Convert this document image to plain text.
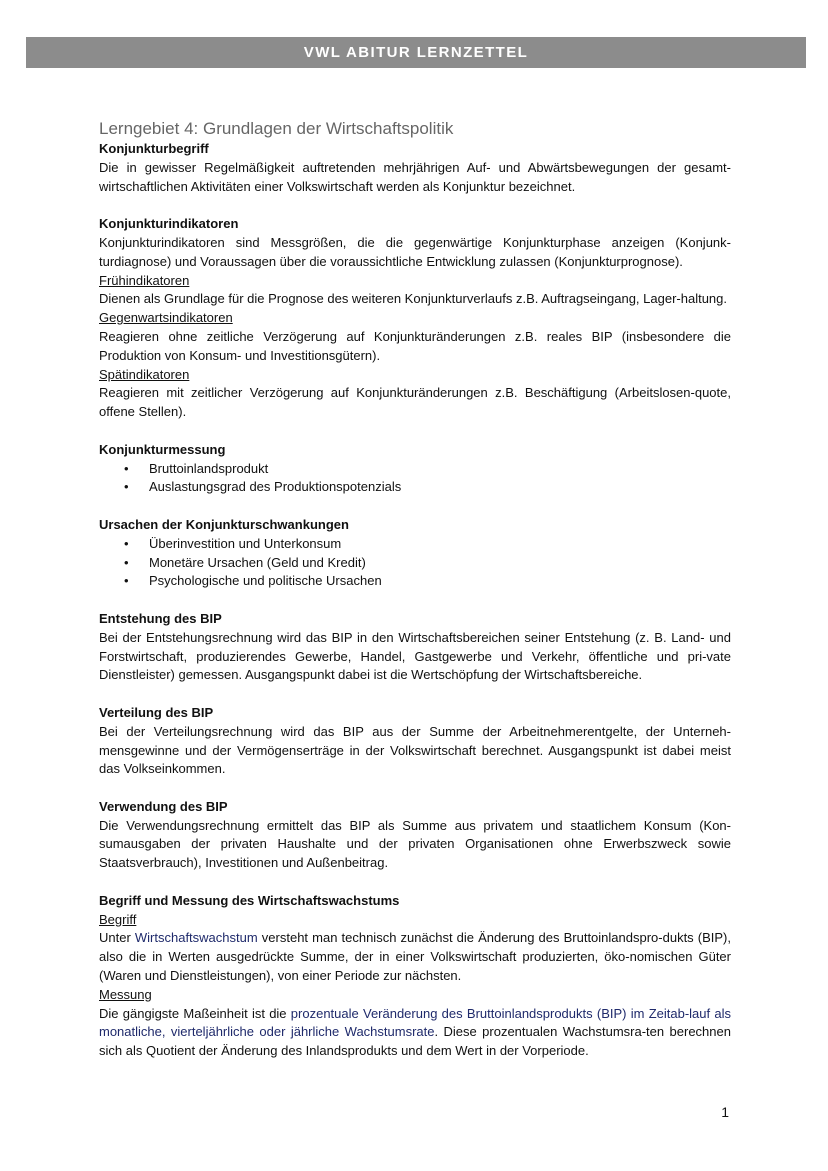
VWL ABITUR LERNZETTEL
Lerngebiet 4: Grundlagen der Wirtschaftspolitik
Konjunkturbegriff

Die in gewisser Regelmäßigkeit auftretenden mehrjährigen Auf- und Abwärtsbewegungen der gesamt-wirtschaftlichen Aktivitäten einer Volkswirtschaft werden als Konjunktur bezeichnet.

Konjunkturindikatoren

Konjunkturindikatoren sind Messgrößen, die die gegenwärtige Konjunkturphase anzeigen (Konjunk-turdiagnose) und Voraussagen über die voraussichtliche Entwicklung zulassen (Konjunkturprognose).

Frühindikatoren

Dienen als Grundlage für die Prognose des weiteren Konjunkturverlaufs z.B. Auftragseingang, Lager-haltung.

Gegenwartsindikatoren

Reagieren ohne zeitliche Verzögerung auf Konjunkturänderungen z.B. reales BIP (insbesondere die Produktion von Konsum- und Investitionsgütern).

Spätindikatoren

Reagieren mit zeitlicher Verzögerung auf Konjunkturänderungen z.B. Beschäftigung (Arbeitslosen-quote, offene Stellen).

Konjunkturmessung
• Bruttoinlandsprodukt
• Auslastungsgrad des Produktionspotenzials
Ursachen der Konjunkturschwankungen
• Überinvestition und Unterkonsum
• Monetäre Ursachen (Geld und Kredit)
• Psychologische und politische Ursachen
Entstehung des BIP

Bei der Entstehungsrechnung wird das BIP in den Wirtschaftsbereichen seiner Entstehung (z. B. Land- und Forstwirtschaft, produzierendes Gewerbe, Handel, Gastgewerbe und Verkehr, öffentliche und pri-vate Dienstleister) gemessen. Ausgangspunkt dabei ist die Wertschöpfung der Wirtschaftsbereiche.

Verteilung des BIP

Bei der Verteilungsrechnung wird das BIP aus der Summe der Arbeitnehmerentgelte, der Unterneh-mensgewinne und der Vermögenserträge in der Volkswirtschaft berechnet. Ausgangspunkt ist dabei meist das Volkseinkommen.

Verwendung des BIP

Die Verwendungsrechnung ermittelt das BIP als Summe aus privatem und staatlichem Konsum (Kon-sumausgaben der privaten Haushalte und der privaten Organisationen ohne Erwerbszweck sowie Staatsverbrauch), Investitionen und Außenbeitrag.

Begriff und Messung des Wirtschaftswachstums
Begriff

Unter Wirtschaftswachstum versteht man technisch zunächst die Änderung des Bruttoinlandspro-dukts (BIP), also die in Werten ausgedrückte Summe, der in einer Volkswirtschaft produzierten, öko-nomischen Güter (Waren und Dienstleistungen), von einer Periode zur nächsten.

Messung

Die gängigste Maßeinheit ist die prozentuale Veränderung des Bruttoinlandsprodukts (BIP) im Zeitab-lauf als monatliche, vierteljährliche oder jährliche Wachstumsrate. Diese prozentualen Wachstumsra-ten berechnen sich als Quotient der Änderung des Inlandsprodukts und dem Wert in der Vorperiode.

1
